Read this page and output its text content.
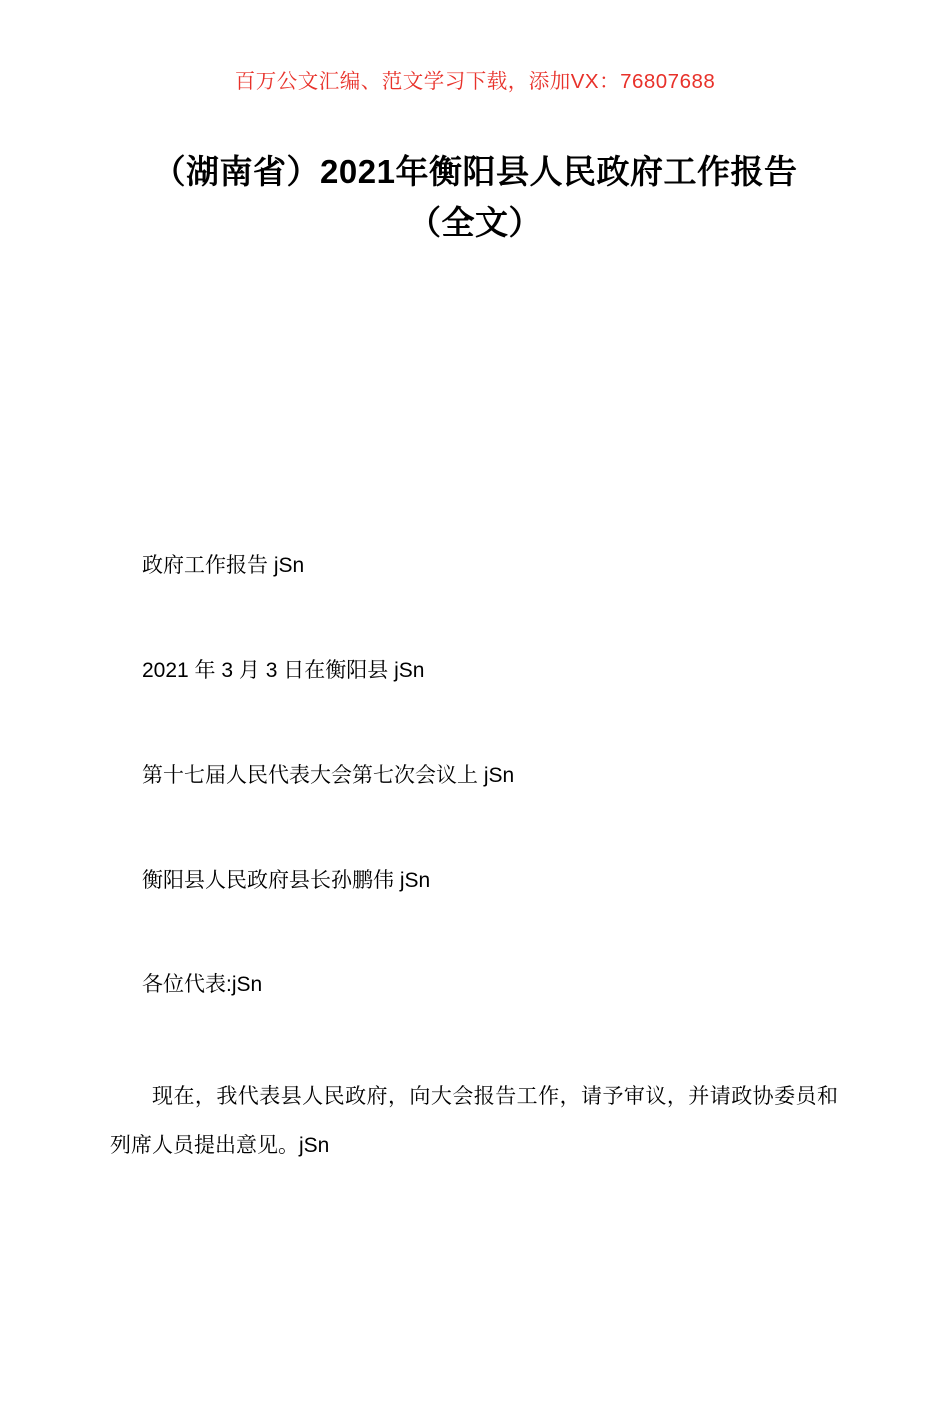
百万公文汇编、范文学习下载，添加VX：76807688
（湖南省）2021年衡阳县人民政府工作报告（全文）

政府工作报告 jSn

2021 年 3 月 3 日在衡阳县 jSn

第十七届人民代表大会第七次会议上 jSn

衡阳县人民政府县长孙鹏伟 jSn

各位代表:jSn

现在，我代表县人民政府，向大会报告工作，请予审议，并请政协委员和列席人员提出意见。jSn
